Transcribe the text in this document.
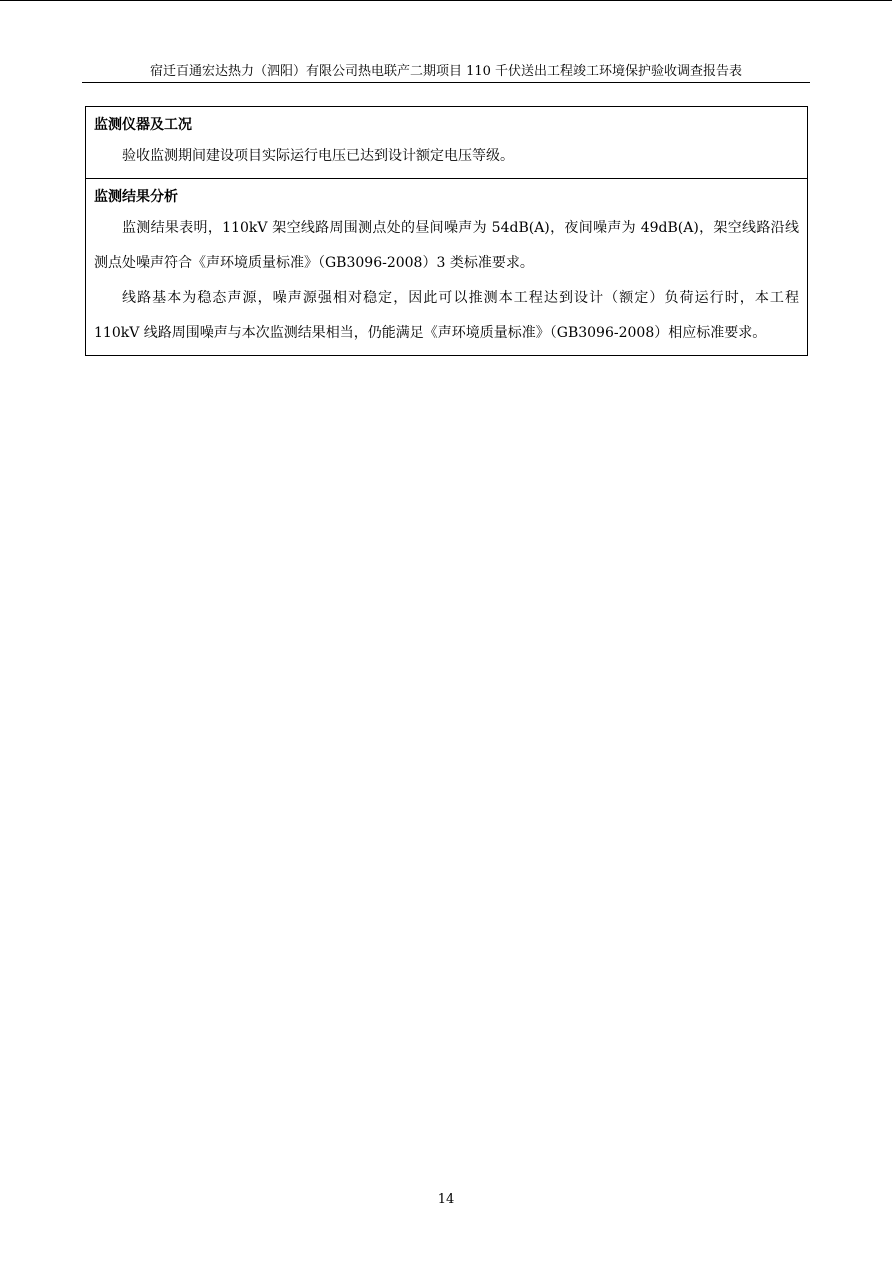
宿迁百通宏达热力（泗阳）有限公司热电联产二期项目 110 千伏送出工程竣工环境保护验收调查报告表
监测仪器及工况

验收监测期间建设项目实际运行电压已达到设计额定电压等级。

监测结果分析

监测结果表明，110kV 架空线路周围测点处的昼间噪声为 54dB(A)，夜间噪声为 49dB(A)，架空线路沿线测点处噪声符合《声环境质量标准》（GB3096-2008）3 类标准要求。

线路基本为稳态声源，噪声源强相对稳定，因此可以推测本工程达到设计（额定）负荷运行时，本工程 110kV 线路周围噪声与本次监测结果相当，仍能满足《声环境质量标准》（GB3096-2008）相应标准要求。

14
